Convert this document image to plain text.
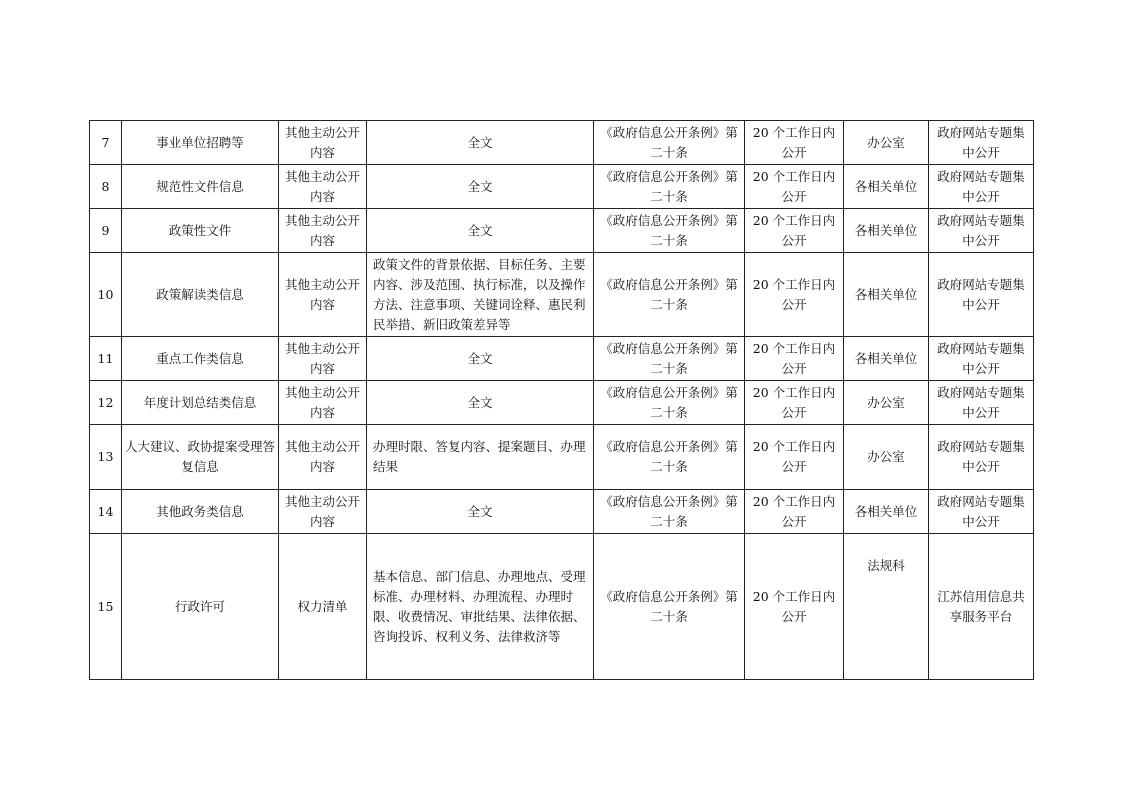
7	事业单位招聘等	其他主动公开内容	全文	《政府信息公开条例》第二十条	20 个工作日内公开	办公室	政府网站专题集中公开
8	规范性文件信息	其他主动公开内容	全文	《政府信息公开条例》第二十条	20 个工作日内公开	各相关单位	政府网站专题集中公开
9	政策性文件	其他主动公开内容	全文	《政府信息公开条例》第二十条	20 个工作日内公开	各相关单位	政府网站专题集中公开
10	政策解读类信息	其他主动公开内容	政策文件的背景依据、目标任务、主要内容、涉及范围、执行标准，以及操作方法、注意事项、关键词诠释、惠民利民举措、新旧政策差异等	《政府信息公开条例》第二十条	20 个工作日内公开	各相关单位	政府网站专题集中公开
11	重点工作类信息	其他主动公开内容	全文	《政府信息公开条例》第二十条	20 个工作日内公开	各相关单位	政府网站专题集中公开
12	年度计划总结类信息	其他主动公开内容	全文	《政府信息公开条例》第二十条	20 个工作日内公开	办公室	政府网站专题集中公开
13	人大建议、政协提案受理答复信息	其他主动公开内容	办理时限、答复内容、提案题目、办理结果	《政府信息公开条例》第二十条	20 个工作日内公开	办公室	政府网站专题集中公开
14	其他政务类信息	其他主动公开内容	全文	《政府信息公开条例》第二十条	20 个工作日内公开	各相关单位	政府网站专题集中公开
15	行政许可	权力清单	基本信息、部门信息、办理地点、受理标准、办理材料、办理流程、办理时限、收费情况、审批结果、法律依据、咨询投诉、权利义务、法律救济等	《政府信息公开条例》第二十条	20 个工作日内公开	法规科	江苏信用信息共享服务平台
